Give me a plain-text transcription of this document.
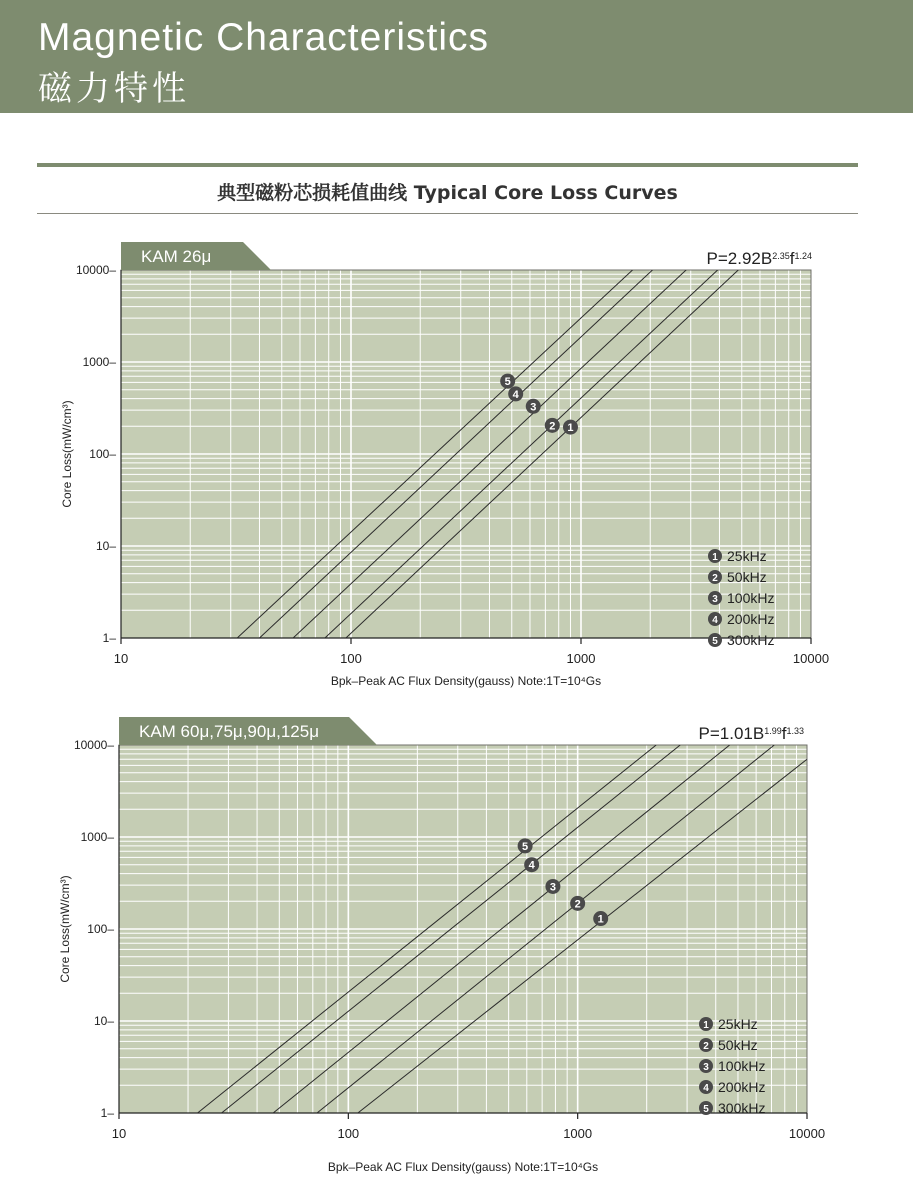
Magnetic Characteristics
磁力特性
典型磁粉芯损耗值曲线 Typical Core Loss Curves
KAM 26μ	$P=2.92B^{2.35}f^{1.24}$
10000–
1000–
100–
10–
1–
10	100	1000	10000
Bpk–Peak AC Flux Density(gauss) Note:1T=10⁴Gs
Core Loss(mW/cm³)	1
2
3
4
5
1 25kHz
2 50kHz
3 100kHz
4 200kHz
5 300kHz
KAM 60μ,75μ,90μ,125μ	$P=1.01B^{1.99}f^{1.33}$
10000–
1000–
100–
10–
1–
10	100	1000	10000
Bpk–Peak AC Flux Density(gauss) Note:1T=10⁴Gs
Core Loss(mW/cm³)	1
2
3
4
5
1 25kHz
2 50kHz
3 100kHz
4 200kHz
5 300kHz
